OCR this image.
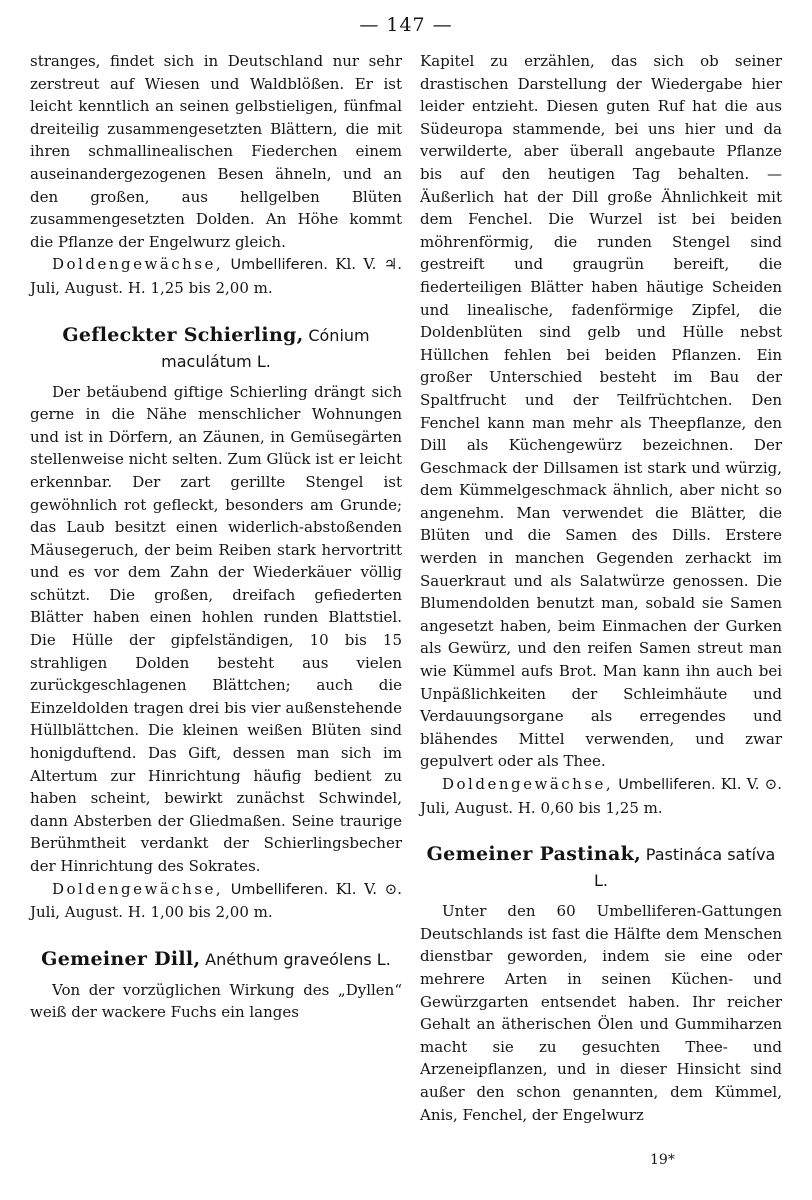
— 147 —

stranges, findet sich in Deutschland nur sehr zerstreut auf Wiesen und Waldblößen. Er ist leicht kenntlich an seinen gelbstieligen, fünfmal dreiteilig zusammengesetzten Blättern, die mit ihren schmallinealischen Fiederchen einem auseinandergezogenen Besen ähneln, und an den großen, aus hellgelben Blüten zusammengesetzten Dolden. An Höhe kommt die Pflanze der Engelwurz gleich.

Doldengewächse, Umbelliferen. Kl. V. ♃. Juli, August. H. 1,25 bis 2,00 m.

Gefleckter Schierling, Cónium maculátum L.

Der betäubend giftige Schierling drängt sich gerne in die Nähe menschlicher Wohnungen und ist in Dörfern, an Zäunen, in Gemüsegärten stellenweise nicht selten. Zum Glück ist er leicht erkennbar. Der zart gerillte Stengel ist gewöhnlich rot gefleckt, besonders am Grunde; das Laub besitzt einen widerlich-abstoßenden Mäusegeruch, der beim Reiben stark hervortritt und es vor dem Zahn der Wiederkäuer völlig schützt. Die großen, dreifach gefiederten Blätter haben einen hohlen runden Blattstiel. Die Hülle der gipfelständigen, 10 bis 15 strahligen Dolden besteht aus vielen zurückgeschlagenen Blättchen; auch die Einzeldolden tragen drei bis vier außenstehende Hüllblättchen. Die kleinen weißen Blüten sind honigduftend. Das Gift, dessen man sich im Altertum zur Hinrichtung häufig bedient zu haben scheint, bewirkt zunächst Schwindel, dann Absterben der Gliedmaßen. Seine traurige Berühmtheit verdankt der Schierlingsbecher der Hinrichtung des Sokrates.

Doldengewächse, Umbelliferen. Kl. V. ⊙. Juli, August. H. 1,00 bis 2,00 m.

Gemeiner Dill, Anéthum graveólens L.

Von der vorzüglichen Wirkung des „Dyllen“ weiß der wackere Fuchs ein langes

Kapitel zu erzählen, das sich ob seiner drastischen Darstellung der Wiedergabe hier leider entzieht. Diesen guten Ruf hat die aus Südeuropa stammende, bei uns hier und da verwilderte, aber überall angebaute Pflanze bis auf den heutigen Tag behalten. — Äußerlich hat der Dill große Ähnlichkeit mit dem Fenchel. Die Wurzel ist bei beiden möhrenförmig, die runden Stengel sind gestreift und graugrün bereift, die fiederteiligen Blätter haben häutige Scheiden und linealische, fadenförmige Zipfel, die Doldenblüten sind gelb und Hülle nebst Hüllchen fehlen bei beiden Pflanzen. Ein großer Unterschied besteht im Bau der Spaltfrucht und der Teilfrüchtchen. Den Fenchel kann man mehr als Theepflanze, den Dill als Küchengewürz bezeichnen. Der Geschmack der Dillsamen ist stark und würzig, dem Kümmelgeschmack ähnlich, aber nicht so angenehm. Man verwendet die Blätter, die Blüten und die Samen des Dills. Erstere werden in manchen Gegenden zerhackt im Sauerkraut und als Salatwürze genossen. Die Blumendolden benutzt man, sobald sie Samen angesetzt haben, beim Einmachen der Gurken als Gewürz, und den reifen Samen streut man wie Kümmel aufs Brot. Man kann ihn auch bei Unpäßlichkeiten der Schleimhäute und Verdauungsorgane als erregendes und blähendes Mittel verwenden, und zwar gepulvert oder als Thee.

Doldengewächse, Umbelliferen. Kl. V. ⊙. Juli, August. H. 0,60 bis 1,25 m.

Gemeiner Pastinak, Pastináca satíva L.

Unter den 60 Umbelliferen-Gattungen Deutschlands ist fast die Hälfte dem Menschen dienstbar geworden, indem sie eine oder mehrere Arten in seinen Küchen- und Gewürzgarten entsendet haben. Ihr reicher Gehalt an ätherischen Ölen und Gummiharzen macht sie zu gesuchten Thee- und Arzeneipflanzen, und in dieser Hinsicht sind außer den schon genannten, dem Kümmel, Anis, Fenchel, der Engelwurz

19*
